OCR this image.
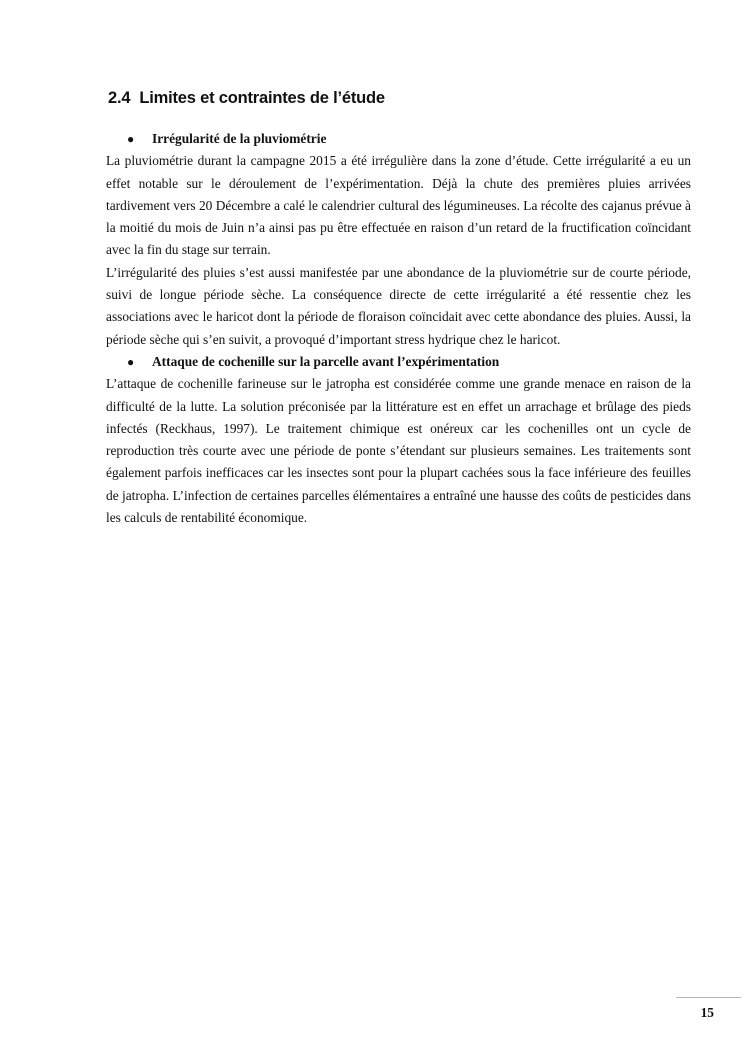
2.4 Limites et contraintes de l’étude
●	Irrégularité de la pluviométrie

La pluviométrie durant la campagne 2015 a été irrégulière dans la zone d’étude. Cette irrégularité a eu un effet notable sur le déroulement de l’expérimentation. Déjà la chute des premières pluies arrivées tardivement vers 20 Décembre a calé le calendrier cultural des légumineuses. La récolte des cajanus prévue à la moitié du mois de Juin n’a ainsi pas pu être effectuée en raison d’un retard de la fructification coïncidant avec la fin du stage sur terrain.

L’irrégularité des pluies s’est aussi manifestée par une abondance de la pluviométrie sur de courte période, suivi de longue période sèche. La conséquence directe de cette irrégularité a été ressentie chez les associations avec le haricot dont la période de floraison coïncidait avec cette abondance des pluies. Aussi, la période sèche qui s’en suivit, a provoqué d’important stress hydrique chez le haricot.

●	Attaque de cochenille sur la parcelle avant l’expérimentation

L’attaque de cochenille farineuse sur le jatropha est considérée comme une grande menace en raison de la difficulté de la lutte. La solution préconisée par la littérature est en effet un arrachage et brûlage des pieds infectés (Reckhaus, 1997). Le traitement chimique est onéreux car les cochenilles ont un cycle de reproduction très courte avec une période de ponte s’étendant sur plusieurs semaines. Les traitements sont également parfois inefficaces car les insectes sont pour la plupart cachées sous la face inférieure des feuilles de jatropha. L’infection de certaines parcelles élémentaires a entraîné une hausse des coûts de pesticides dans les calculs de rentabilité économique.

15
